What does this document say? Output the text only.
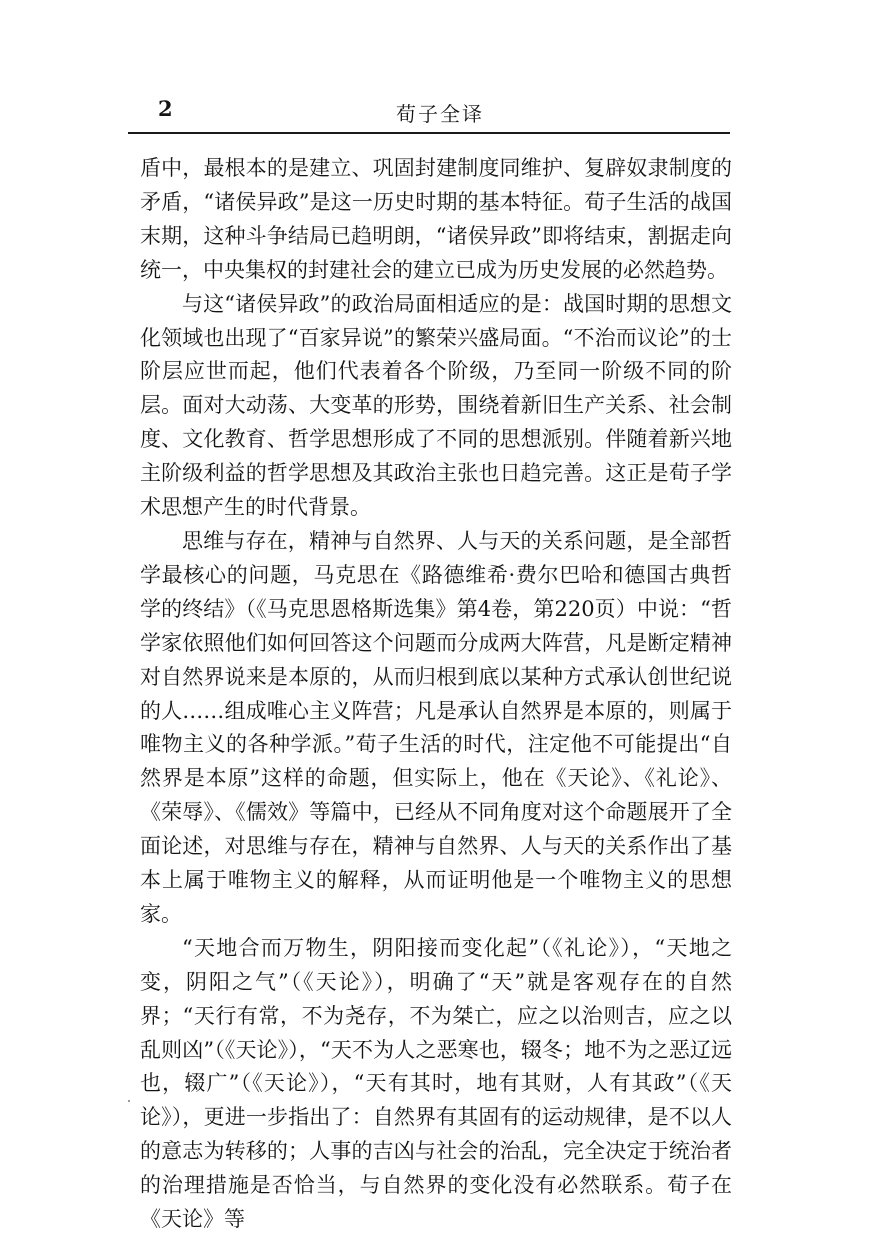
2	荀子全译

盾中，最根本的是建立、巩固封建制度同维护、复辟奴隶制度的矛盾，“诸侯异政”是这一历史时期的基本特征。荀子生活的战国末期，这种斗争结局已趋明朗，“诸侯异政”即将结束，割据走向统一，中央集权的封建社会的建立已成为历史发展的必然趋势。

与这“诸侯异政”的政治局面相适应的是：战国时期的思想文化领域也出现了“百家异说”的繁荣兴盛局面。“不治而议论”的士阶层应世而起，他们代表着各个阶级，乃至同一阶级不同的阶层。面对大动荡、大变革的形势，围绕着新旧生产关系、社会制度、文化教育、哲学思想形成了不同的思想派别。伴随着新兴地主阶级利益的哲学思想及其政治主张也日趋完善。这正是荀子学术思想产生的时代背景。

思维与存在，精神与自然界、人与天的关系问题，是全部哲学最核心的问题，马克思在《路德维希·费尔巴哈和德国古典哲学的终结》（《马克思恩格斯选集》第4卷，第220页）中说：“哲学家依照他们如何回答这个问题而分成两大阵营，凡是断定精神对自然界说来是本原的，从而归根到底以某种方式承认创世纪说的人……组成唯心主义阵营；凡是承认自然界是本原的，则属于唯物主义的各种学派。”荀子生活的时代，注定他不可能提出“自然界是本原”这样的命题，但实际上，他在《天论》、《礼论》、《荣辱》、《儒效》等篇中，已经从不同角度对这个命题展开了全面论述，对思维与存在，精神与自然界、人与天的关系作出了基本上属于唯物主义的解释，从而证明他是一个唯物主义的思想家。

“天地合而万物生，阴阳接而变化起”（《礼论》），“天地之变，阴阳之气”（《天论》），明确了“天”就是客观存在的自然界；“天行有常，不为尧存，不为桀亡，应之以治则吉，应之以乱则凶”（《天论》），“天不为人之恶寒也，辍冬；地不为之恶辽远也，辍广”（《天论》），“天有其时，地有其财，人有其政”（《天论》），更进一步指出了：自然界有其固有的运动规律，是不以人的意志为转移的；人事的吉凶与社会的治乱，完全决定于统治者的治理措施是否恰当，与自然界的变化没有必然联系。荀子在《天论》等
